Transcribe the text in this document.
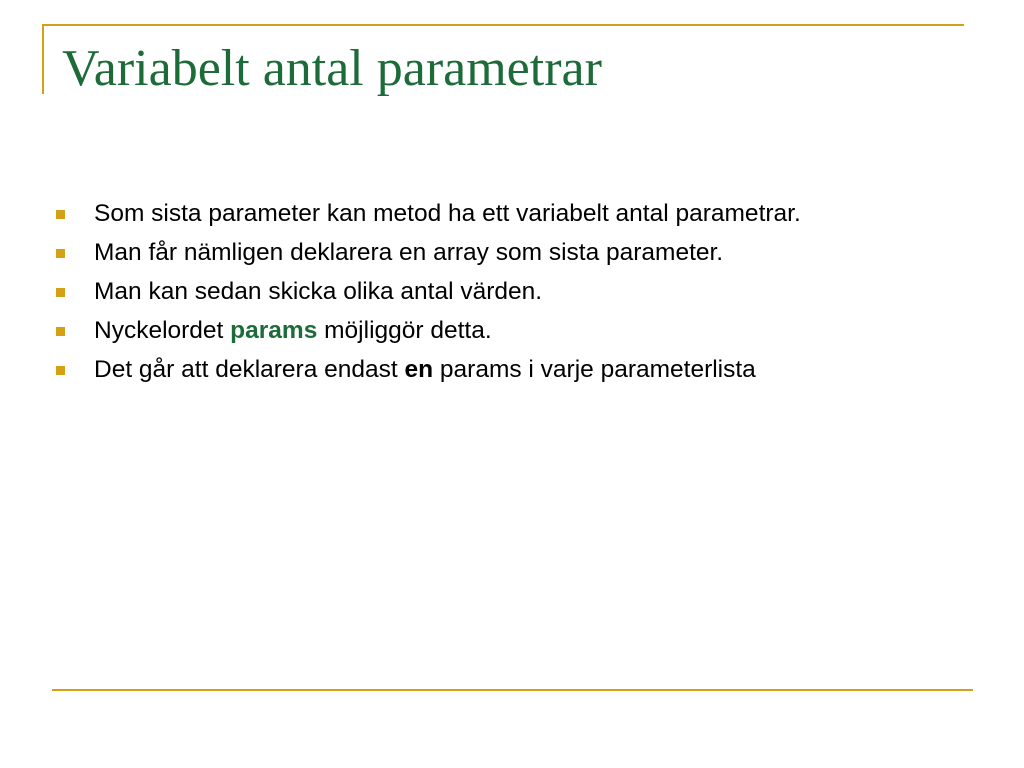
Variabelt antal parametrar
Som sista parameter kan metod ha ett variabelt antal parametrar.
Man får nämligen deklarera en array som sista parameter.
Man kan sedan skicka olika antal värden.
Nyckelordet params möjliggör detta.
Det går att deklarera endast en params i varje parameterlista
